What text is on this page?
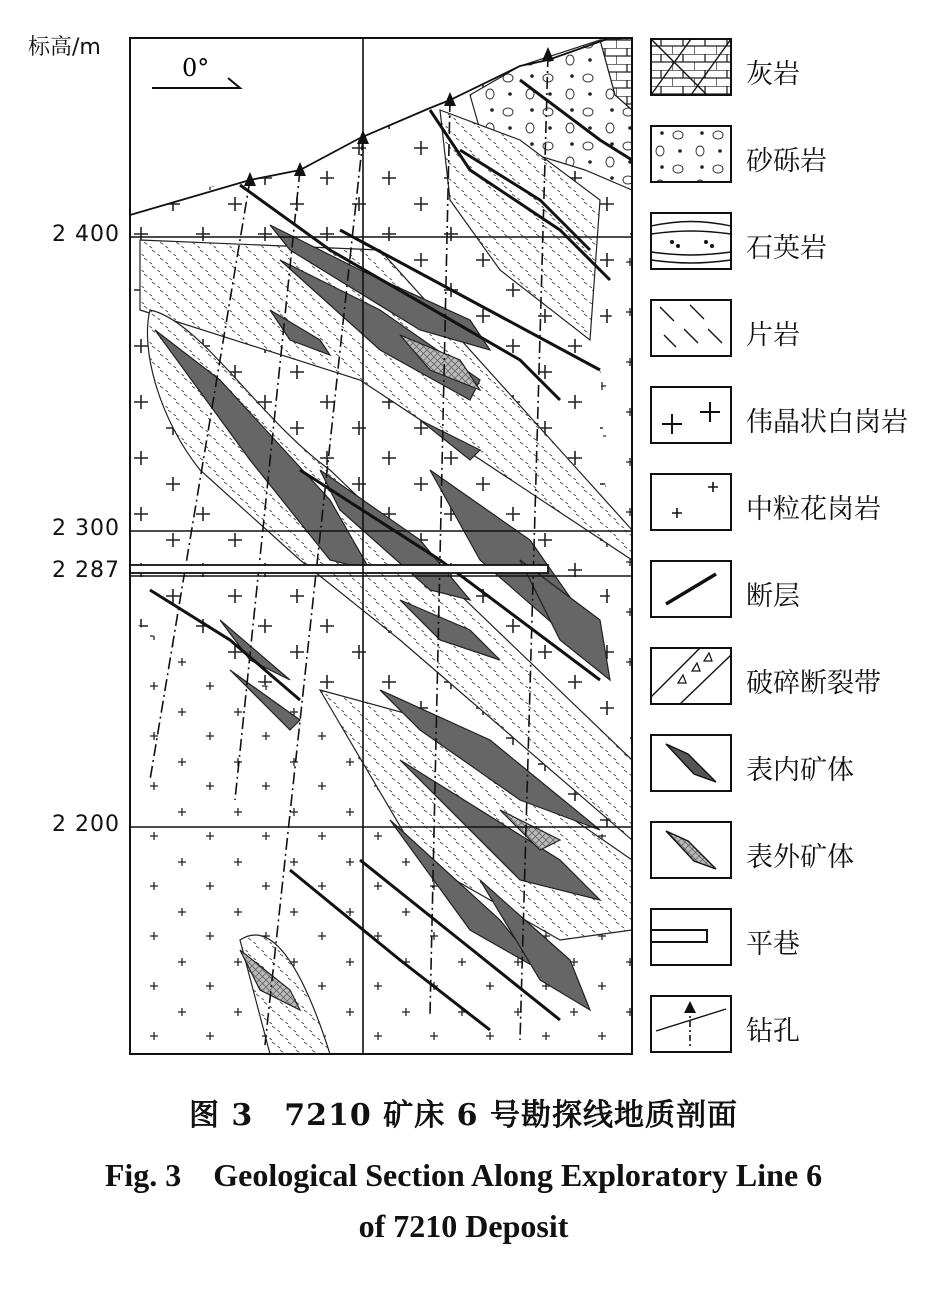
0°
标高/m
2 400
2 300
2 287
2 200
灰岩
砂砾岩
石英岩
片岩
伟晶状白岗岩
中粒花岗岩
断层
破碎断裂带
表内矿体
表外矿体
平巷
钻孔
图 3　7210 矿床 6 号勘探线地质剖面
Fig. 3　Geological Section Along Exploratory Line 6
of 7210 Deposit
